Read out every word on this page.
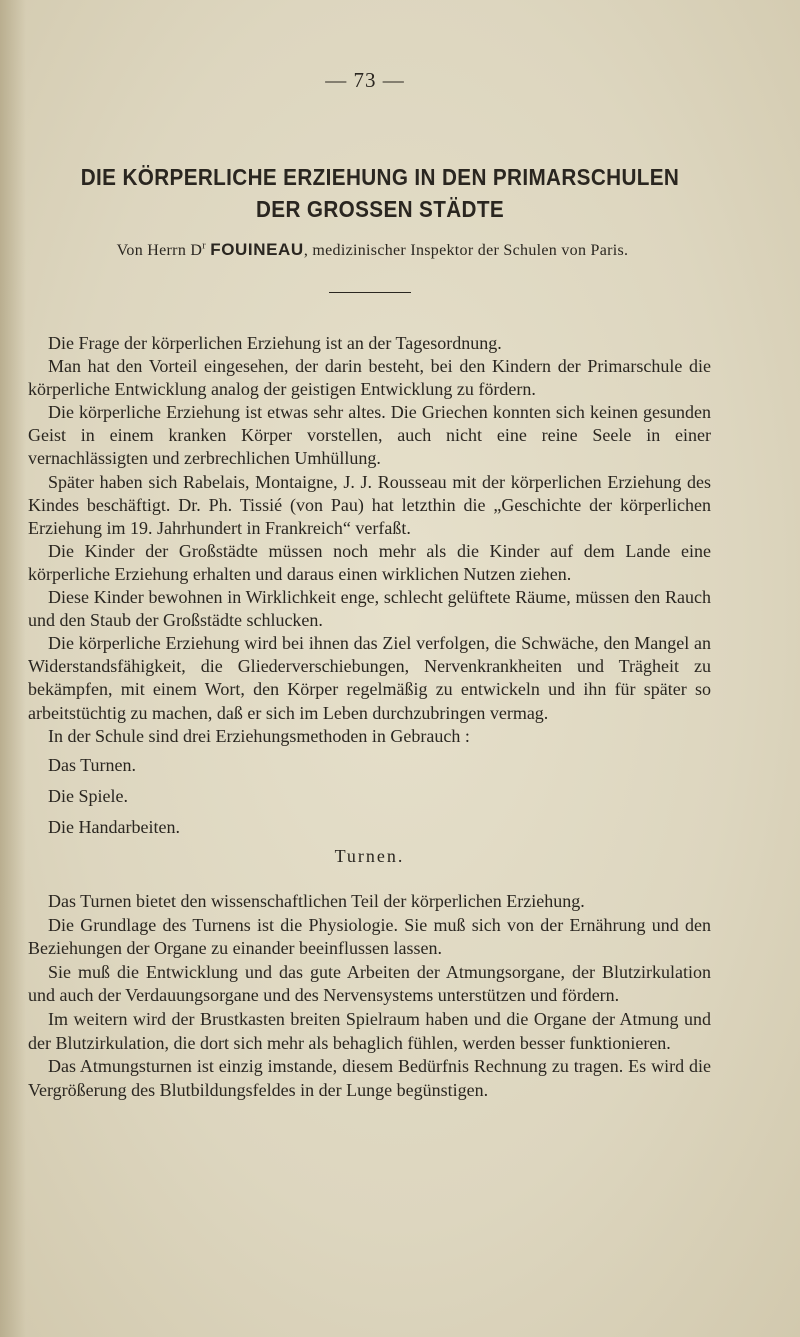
— 73 —
DIE KÖRPERLICHE ERZIEHUNG IN DEN PRIMARSCHULEN
DER GROSSEN STÄDTE
Von Herrn $D^r$ FOUINEAU, medizinischer Inspektor der Schulen von Paris.

Die Frage der körperlichen Erziehung ist an der Tagesordnung.

Man hat den Vorteil eingesehen, der darin besteht, bei den Kindern der Primarschule die körperliche Entwicklung analog der geistigen Entwicklung zu fördern.

Die körperliche Erziehung ist etwas sehr altes. Die Griechen konnten sich keinen gesunden Geist in einem kranken Körper vorstellen, auch nicht eine reine Seele in einer vernachlässigten und zerbrechlichen Umhüllung.

Später haben sich Rabelais, Montaigne, J. J. Rousseau mit der körperlichen Erziehung des Kindes beschäftigt. Dr. Ph. Tissié (von Pau) hat letzthin die „Geschichte der körperlichen Erziehung im 19. Jahrhundert in Frankreich“ verfaßt.

Die Kinder der Großstädte müssen noch mehr als die Kinder auf dem Lande eine körperliche Erziehung erhalten und daraus einen wirklichen Nutzen ziehen.

Diese Kinder bewohnen in Wirklichkeit enge, schlecht gelüftete Räume, müssen den Rauch und den Staub der Großstädte schlucken.

Die körperliche Erziehung wird bei ihnen das Ziel verfolgen, die Schwäche, den Mangel an Widerstandsfähigkeit, die Gliederverschiebungen, Nervenkrankheiten und Trägheit zu bekämpfen, mit einem Wort, den Körper regelmäßig zu entwickeln und ihn für später so arbeitstüchtig zu machen, daß er sich im Leben durchzubringen vermag.

In der Schule sind drei Erziehungsmethoden in Gebrauch :

Das Turnen.

Die Spiele.

Die Handarbeiten.

Turnen.

Das Turnen bietet den wissenschaftlichen Teil der körperlichen Erziehung.

Die Grundlage des Turnens ist die Physiologie. Sie muß sich von der Ernährung und den Beziehungen der Organe zu einander beeinflussen lassen.

Sie muß die Entwicklung und das gute Arbeiten der Atmungsorgane, der Blutzirkulation und auch der Verdauungsorgane und des Nervensystems unterstützen und fördern.

Im weitern wird der Brustkasten breiten Spielraum haben und die Organe der Atmung und der Blutzirkulation, die dort sich mehr als behaglich fühlen, werden besser funktionieren.

Das Atmungsturnen ist einzig imstande, diesem Bedürfnis Rechnung zu tragen. Es wird die Vergrößerung des Blutbildungsfeldes in der Lunge begünstigen.
